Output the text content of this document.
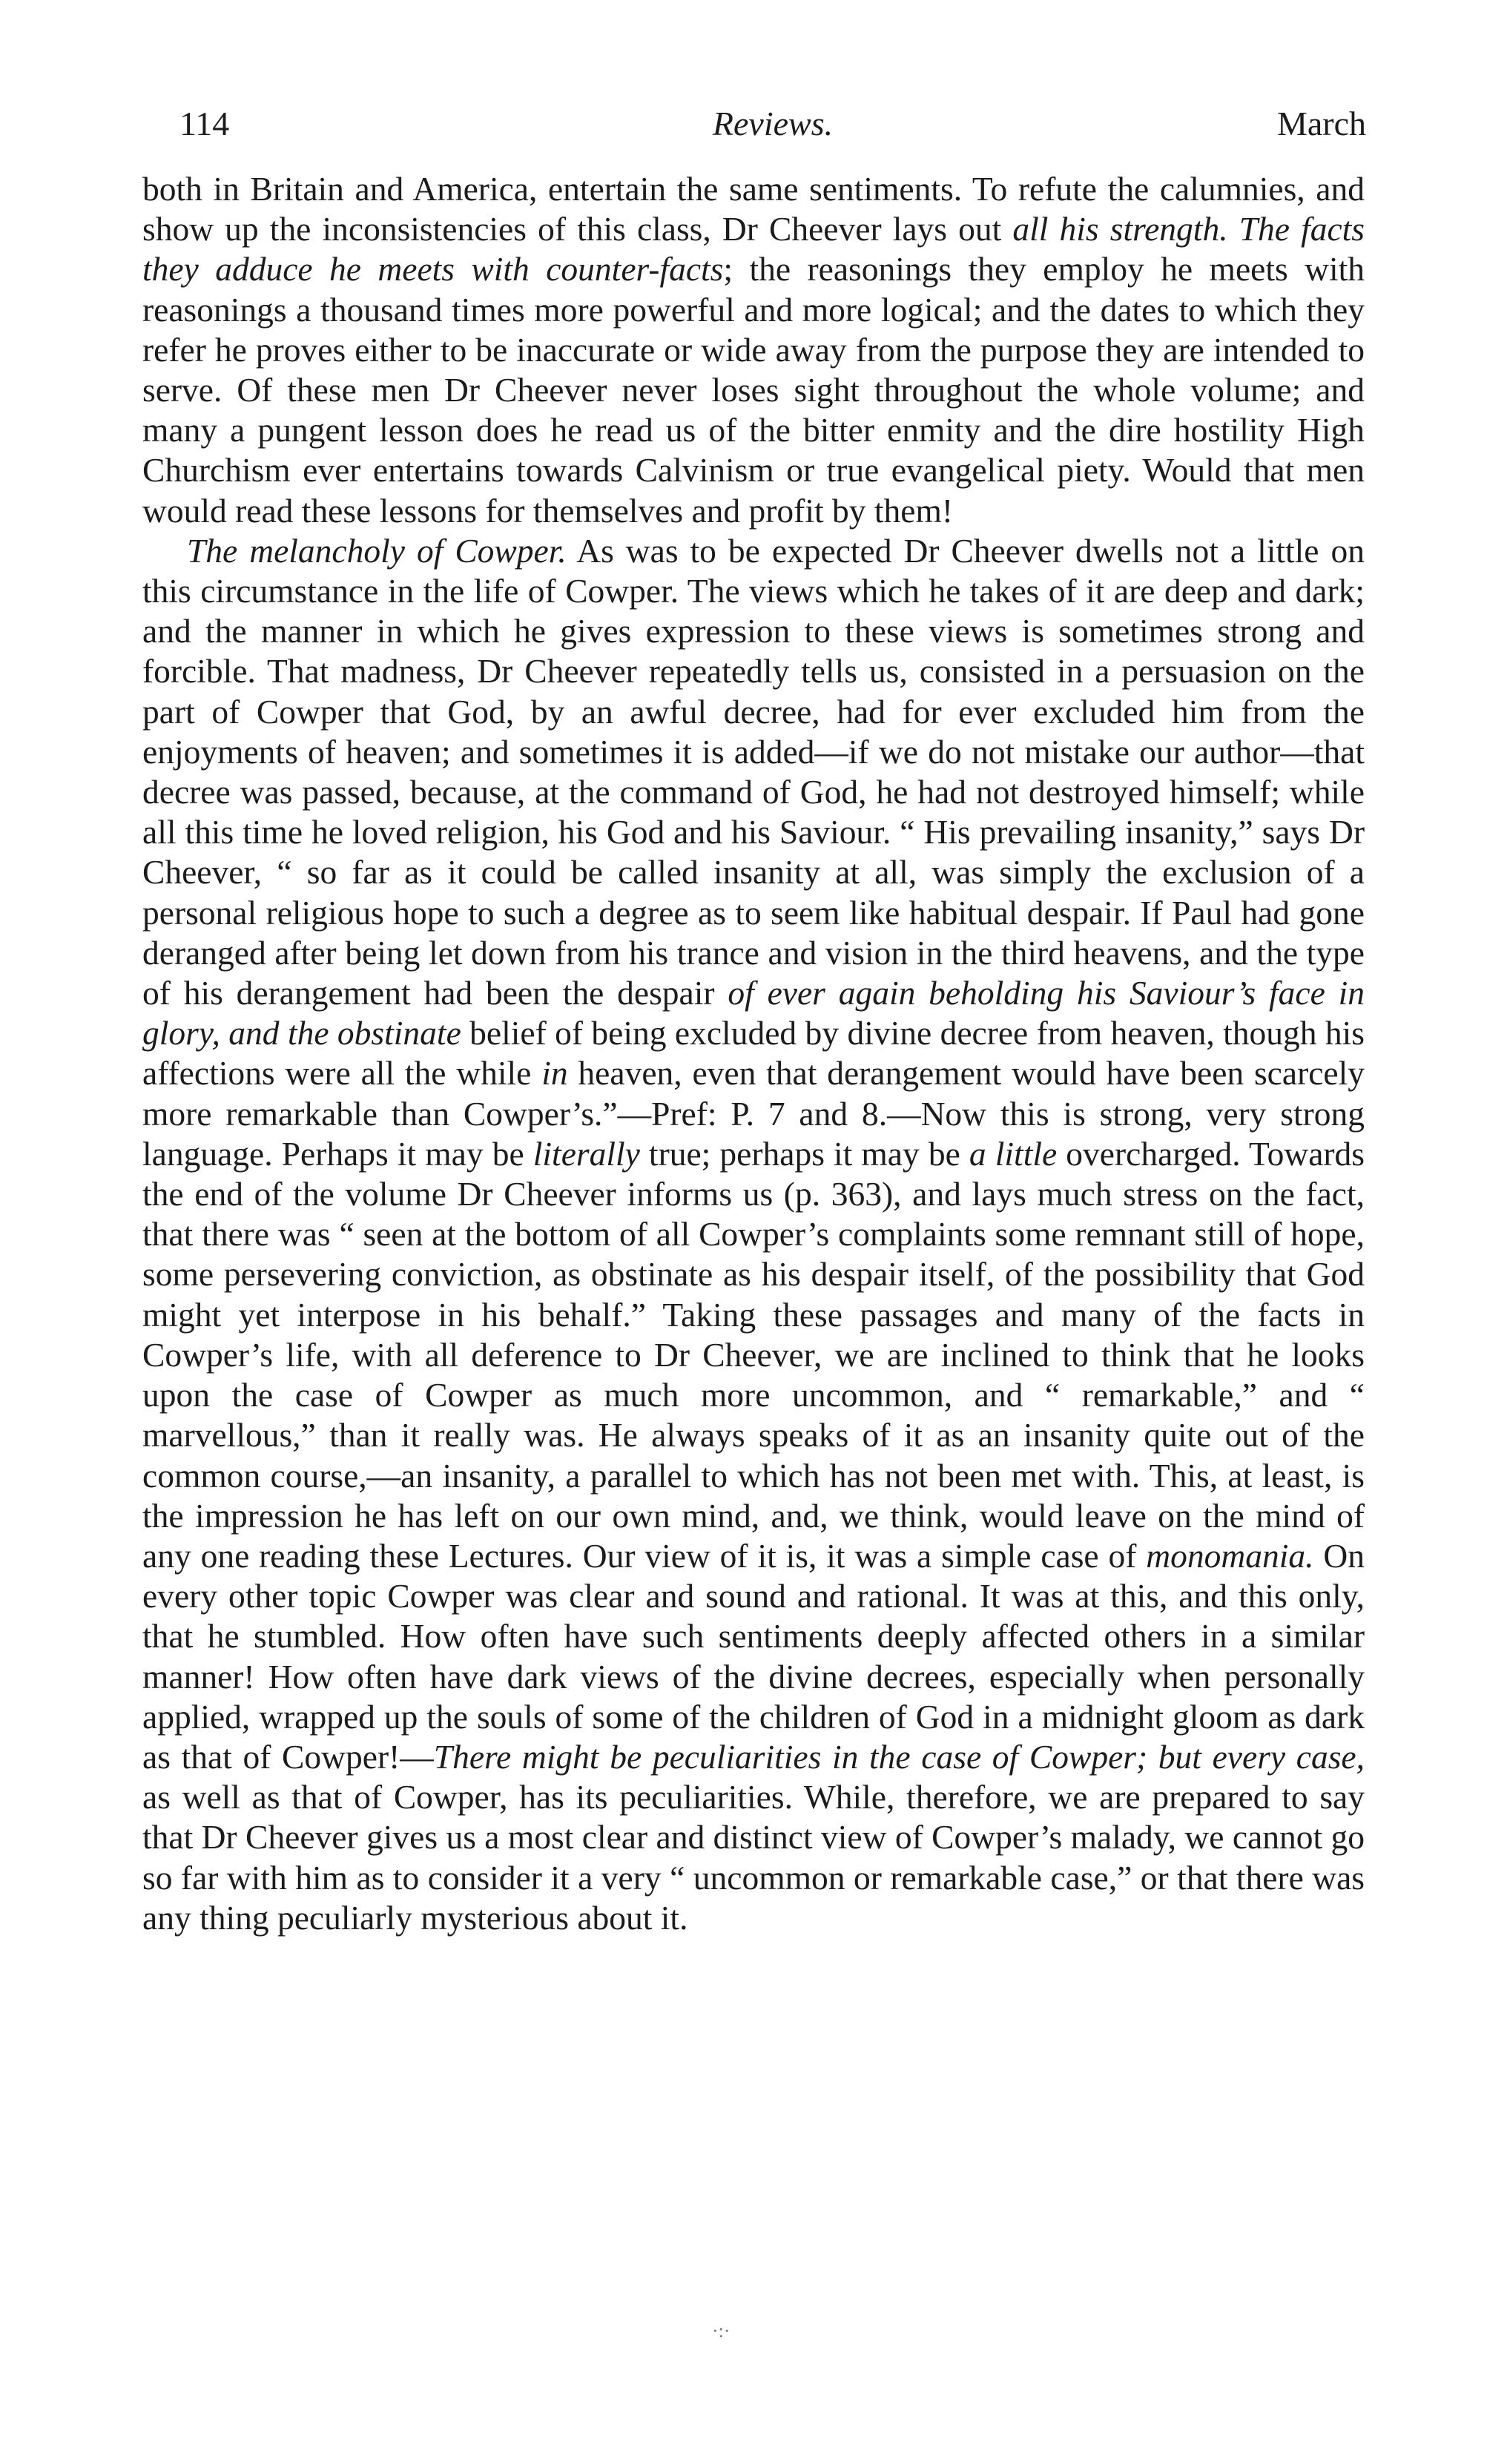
114	Reviews.	March

both in Britain and America, entertain the same sentiments. To refute the calumnies, and show up the inconsistencies of this class, Dr Cheever lays out all his strength. The facts they adduce he meets with counter-facts; the reasonings they employ he meets with reasonings a thousand times more powerful and more logical; and the dates to which they refer he proves either to be inaccurate or wide away from the purpose they are intended to serve. Of these men Dr Cheever never loses sight throughout the whole volume; and many a pungent lesson does he read us of the bitter enmity and the dire hostility High Churchism ever entertains towards Calvinism or true evangelical piety. Would that men would read these lessons for themselves and profit by them!

The melancholy of Cowper. As was to be expected Dr Cheever dwells not a little on this circumstance in the life of Cowper. The views which he takes of it are deep and dark; and the manner in which he gives expression to these views is sometimes strong and forcible. That madness, Dr Cheever repeatedly tells us, consisted in a persuasion on the part of Cowper that God, by an awful decree, had for ever excluded him from the enjoyments of heaven; and sometimes it is added—if we do not mistake our author—that decree was passed, because, at the command of God, he had not destroyed himself; while all this time he loved religion, his God and his Saviour. “ His prevailing insanity,” says Dr Cheever, “ so far as it could be called insanity at all, was simply the exclusion of a personal religious hope to such a degree as to seem like habitual despair. If Paul had gone deranged after being let down from his trance and vision in the third heavens, and the type of his derangement had been the despair of ever again beholding his Saviour’s face in glory, and the obstinate belief of being excluded by divine decree from heaven, though his affections were all the while in heaven, even that derangement would have been scarcely more remarkable than Cowper’s.”—Pref: P. 7 and 8.—Now this is strong, very strong language. Perhaps it may be literally true; perhaps it may be a little overcharged. Towards the end of the volume Dr Cheever informs us (p. 363), and lays much stress on the fact, that there was “ seen at the bottom of all Cowper’s complaints some remnant still of hope, some persevering conviction, as obstinate as his despair itself, of the possibility that God might yet interpose in his behalf.” Taking these passages and many of the facts in Cowper’s life, with all deference to Dr Cheever, we are inclined to think that he looks upon the case of Cowper as much more uncommon, and “ remarkable,” and “ marvellous,” than it really was. He always speaks of it as an insanity quite out of the common course,—an insanity, a parallel to which has not been met with. This, at least, is the impression he has left on our own mind, and, we think, would leave on the mind of any one reading these Lectures. Our view of it is, it was a simple case of monomania. On every other topic Cowper was clear and sound and rational. It was at this, and this only, that he stumbled. How often have such sentiments deeply affected others in a similar manner! How often have dark views of the divine decrees, especially when personally applied, wrapped up the souls of some of the children of God in a midnight gloom as dark as that of Cowper!—There might be peculiarities in the case of Cowper; but every case, as well as that of Cowper, has its peculiarities. While, therefore, we are prepared to say that Dr Cheever gives us a most clear and distinct view of Cowper’s malady, we cannot go so far with him as to consider it a very “ uncommon or remarkable case,” or that there was any thing peculiarly mysterious about it.

·:·
